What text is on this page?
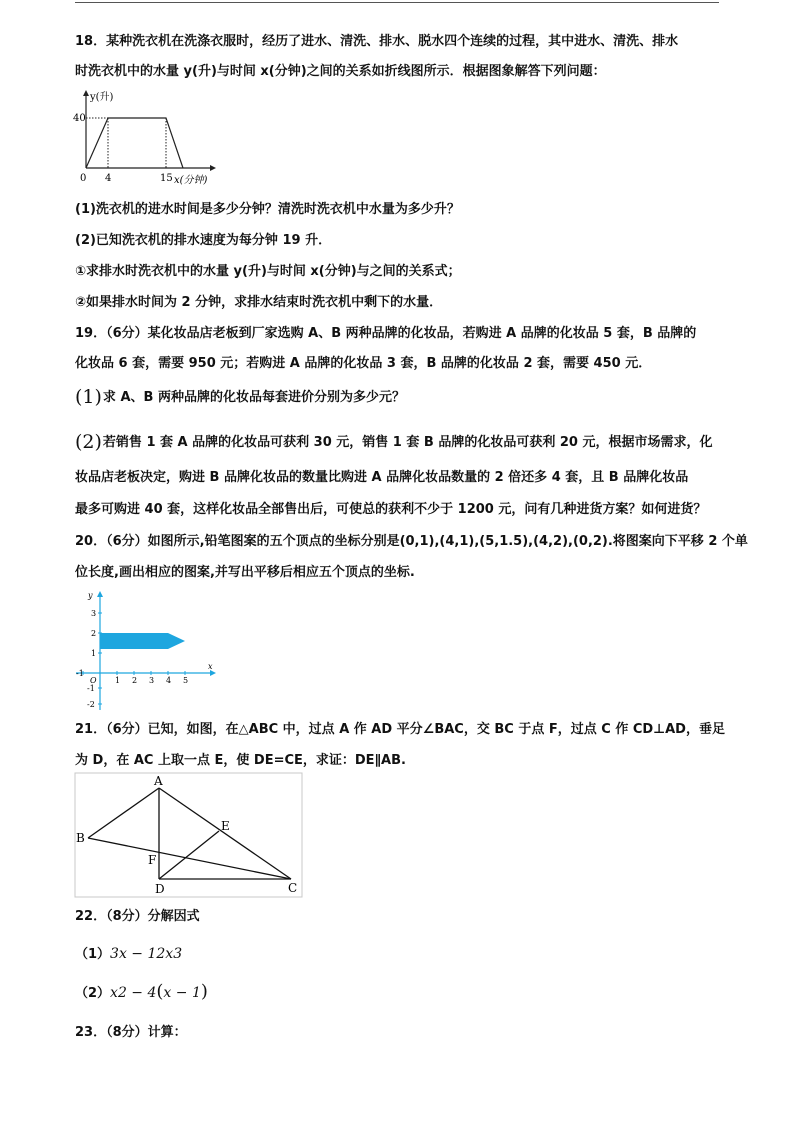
18．某种洗衣机在洗涤衣服时，经历了进水、清洗、排水、脱水四个连续的过程，其中进水、清洗、排水
时洗衣机中的水量 y(升)与时间 x(分钟)之间的关系如折线图所示．根据图象解答下列问题：
y(升)
40
0 4	15 x(分钟)
(1)洗衣机的进水时间是多少分钟？清洗时洗衣机中水量为多少升？
(2)已知洗衣机的排水速度为每分钟 19 升．
①求排水时洗衣机中的水量 y(升)与时间 x(分钟)与之间的关系式；
②如果排水时间为 2 分钟，求排水结束时洗衣机中剩下的水量．
19．（6分）某化妆品店老板到厂家选购 A、B 两种品牌的化妆品，若购进 A 品牌的化妆品 5 套，B 品牌的
化妆品 6 套，需要 950 元；若购进 A 品牌的化妆品 3 套，B 品牌的化妆品 2 套，需要 450 元．
(1)求 A、B 两种品牌的化妆品每套进价分别为多少元？
(2)若销售 1 套 A 品牌的化妆品可获利 30 元，销售 1 套 B 品牌的化妆品可获利 20 元，根据市场需求，化
妆品店老板决定，购进 B 品牌化妆品的数量比购进 A 品牌化妆品数量的 2 倍还多 4 套，且 B 品牌化妆品
最多可购进 40 套，这样化妆品全部售出后，可使总的获利不少于 1200 元，问有几种进货方案？如何进货？
20．（6分）如图所示,铅笔图案的五个顶点的坐标分别是(0,1),(4,1),(5,1.5),(4,2),(0,2).将图案向下平移 2 个单
位长度,画出相应的图案,并写出平移后相应五个顶点的坐标.
y
x
O
-1
1 2 3 4 5
3
2
1
-1
-2
21．（6分）已知，如图，在△ABC 中，过点 A 作 AD 平分∠BAC，交 BC 于点 F，过点 C 作 CD⊥AD，垂足
为 D，在 AC 上取一点 E，使 DE=CE，求证：DE∥AB.
A
B
C
D
E
F
22．（8分）分解因式
（1）3x − 12x3
（2）x2 − 4(x − 1)
23．（8分）计算：
